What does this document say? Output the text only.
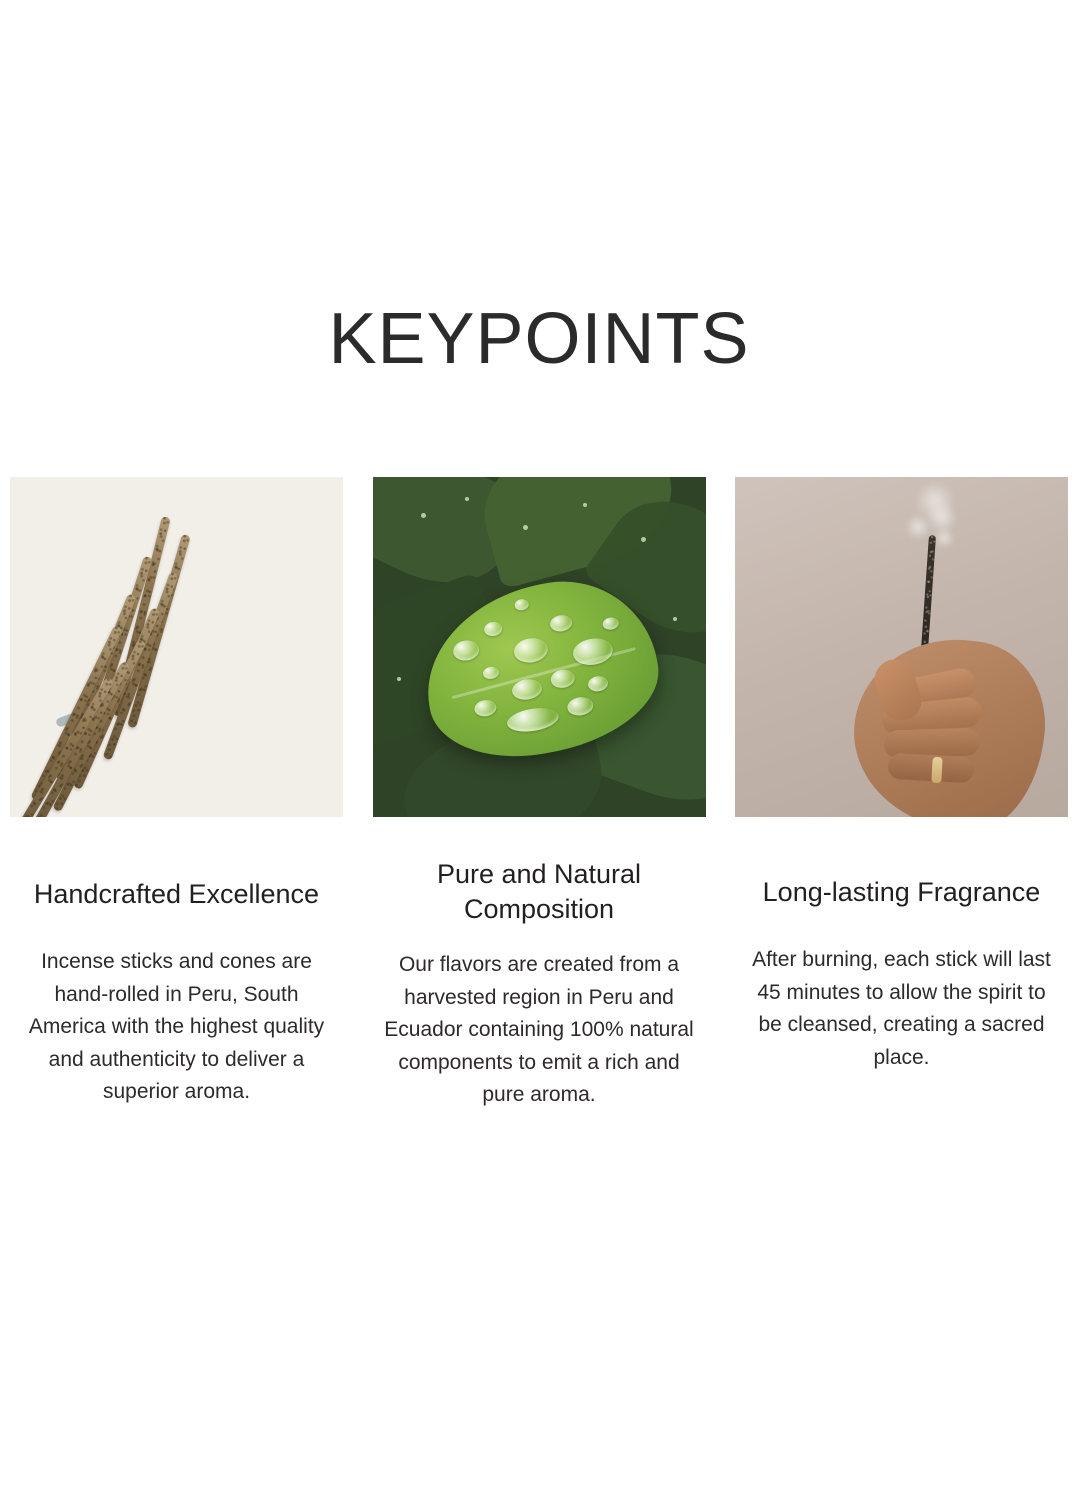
KEYPOINTS
Handcrafted Excellence
Incense sticks and cones are hand-rolled in Peru, South America with the highest quality and authenticity to deliver a superior aroma.
Pure and Natural Composition
Our flavors are created from a harvested region in Peru and Ecuador containing 100% natural components to emit a rich and pure aroma.
Long-lasting Fragrance
After burning, each stick will last 45 minutes to allow the spirit to be cleansed, creating a sacred place.
